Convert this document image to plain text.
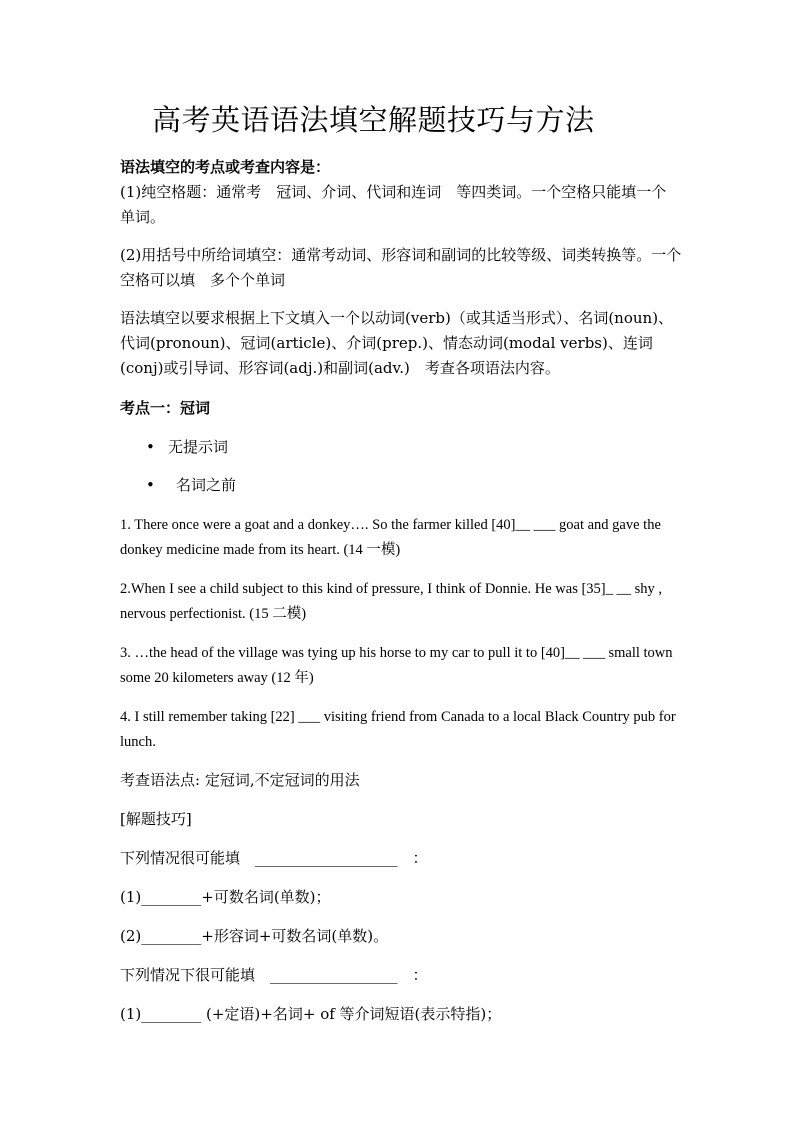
高考英语语法填空解题技巧与方法
语法填空的考点或考查内容是：
(1)纯空格题：通常考　冠词、介词、代词和连词　等四类词。一个空格只能填一个单词。
(2)用括号中所给词填空：通常考动词、形容词和副词的比较等级、词类转换等。一个空格可以填　多个个单词
语法填空以要求根据上下文填入一个以动词(verb)（或其适当形式）、名词(noun)、代词(pronoun)、冠词(article)、介词(prep.)、情态动词(modal verbs)、连词(conj)或引导词、形容词(adj.)和副词(adv.)　考查各项语法内容。
考点一：冠词
• 无提示词
• 名词之前
1. There once were a goat and a donkey…. So the farmer killed [40]__ ___ goat and gave the donkey medicine made from its heart. (14 一模)
2.When I see a child subject to this kind of pressure, I think of Donnie. He was [35]_ __ shy , nervous perfectionist. (15 二模)
3. …the head of the village was tying up his horse to my car to pull it to [40]__ ___ small town some 20 kilometers away (12 年)
4. I still remember taking [22] ___ visiting friend from Canada to a local Black Country pub for lunch.
考查语法点: 定冠词,不定冠词的用法
[解题技巧]
下列情况很可能填　___________________　：
(1)________+可数名词(单数)；
(2)________+形容词+可数名词(单数)。
下列情况下很可能填　_________________　：
(1)________ (+定语)+名词+ of 等介词短语(表示特指)；
